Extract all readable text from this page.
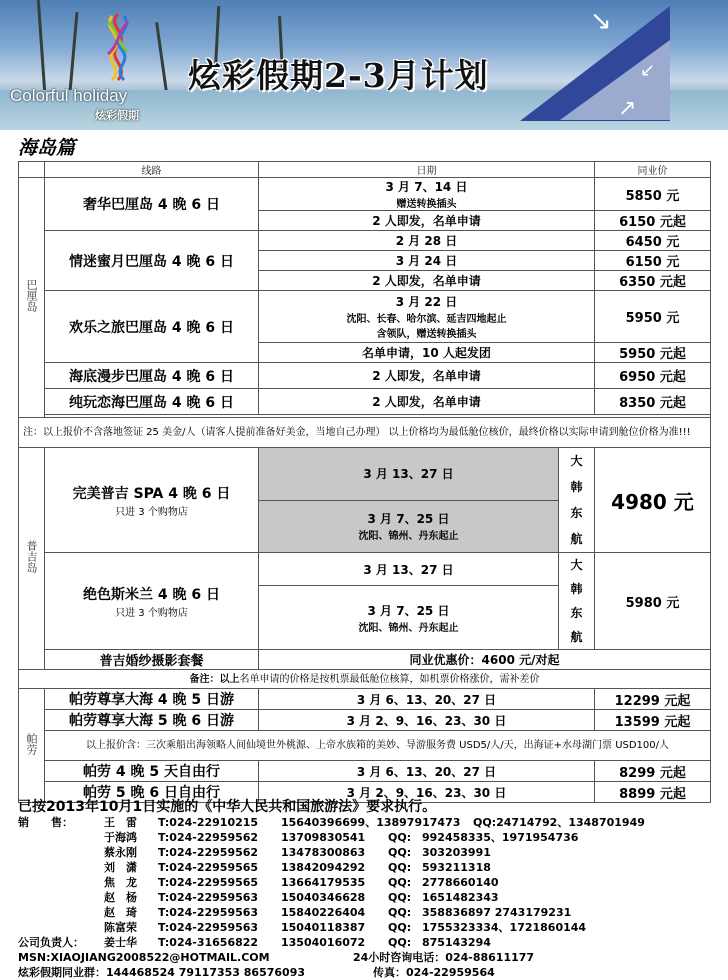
↘
↙
↗
Colorful holiday
炫彩假期
炫彩假期2-3月计划
海岛篇
	线路	日期		同业价
巴厘岛	奢华巴厘岛 4 晚 6 日	3 月 7、14 日
赠送转换插头		5850 元
		2 人即发，名单申请		6150 元起
	情迷蜜月巴厘岛 4 晚 6 日	2 月 28 日		6450 元
		3 月 24 日		6150 元
		2 人即发，名单申请		6350 元起
	欢乐之旅巴厘岛 4 晚 6 日	3 月 22 日
沈阳、长春、哈尔滨、延吉四地起止
含领队，赠送转换插头		5950 元
		名单申请，10 人起发团		5950 元起
	海底漫步巴厘岛 4 晚 6 日	2 人即发，名单申请		6950 元起
	纯玩恋海巴厘岛 4 晚 6 日	2 人即发，名单申请		8350 元起

注：以上报价不含落地签证 25 美金/人（请客人提前准备好美金，当地自己办理） 以上价格均为最低舱位核价，最终价格以实际申请到舱位价格为准!!!				
普吉岛	完美普吉 SPA 4 晚 6 日
只进 3 个购物店	3 月 13、27 日	大
韩
东
航	4980 元
		3 月 7、25 日
沈阳、锦州、丹东起止		

	绝色斯米兰 4 晚 6 日
只进 3 个购物店	3 月 13、27 日	大
韩
东
航	5980 元
		3 月 7、25 日
沈阳、锦州、丹东起止		

	普吉婚纱摄影套餐	同业优惠价：4600 元/对起		
备注：以上名单申请的价格是按机票最低舱位核算，如机票价格涨价，需补差价				
帕劳	帕劳尊享大海 4 晚 5 日游	3 月 6、13、20、27 日		12299 元起
	帕劳尊享大海 5 晚 6 日游	3 月 2、9、16、23、30 日		13599 元起
	以上报价含：三次乘船出海领略人间仙境世外桃源、上帝水族箱的美妙、导游服务费 USD5/人/天，出海证+水母湖门票 USD100/人			
	帕劳 4 晚 5 天自由行	3 月 6、13、20、27 日		8299 元起
	帕劳 5 晚 6 日自由行	3 月 2、9、16、23、30 日		8899 元起
已按2013年10月1日实施的《中华人民共和国旅游法》要求执行。
销　　售：	王　雷 T:024-22910215 15640396699、13897917473 QQ:24714792、1348701949
于海鸿 T:024-22959562 13709830541 QQ: 992458335、1971954736
蔡永刚 T:024-22959562 13478300863 QQ: 303203991
刘　潇 T:024-22959565 13842094292 QQ: 593211318
焦　龙 T:024-22959565 13664179535 QQ: 2778660140
赵　杨 T:024-22959563 15040346628 QQ: 1651482343
赵　琦 T:024-22959563 15840226404 QQ: 358836897 2743179231
陈富荣 T:024-22959563 15040118387 QQ: 1755323334、1721860144
公司负责人： 姜士华 T:024-31656822 13504016072 QQ: 875143294
MSN:XIAOJIANG2008522@HOTMAIL.COM	24小时咨询电话：024-88611177
炫彩假期同业群：144468524 79117353 86576093	传真：024-22959564
